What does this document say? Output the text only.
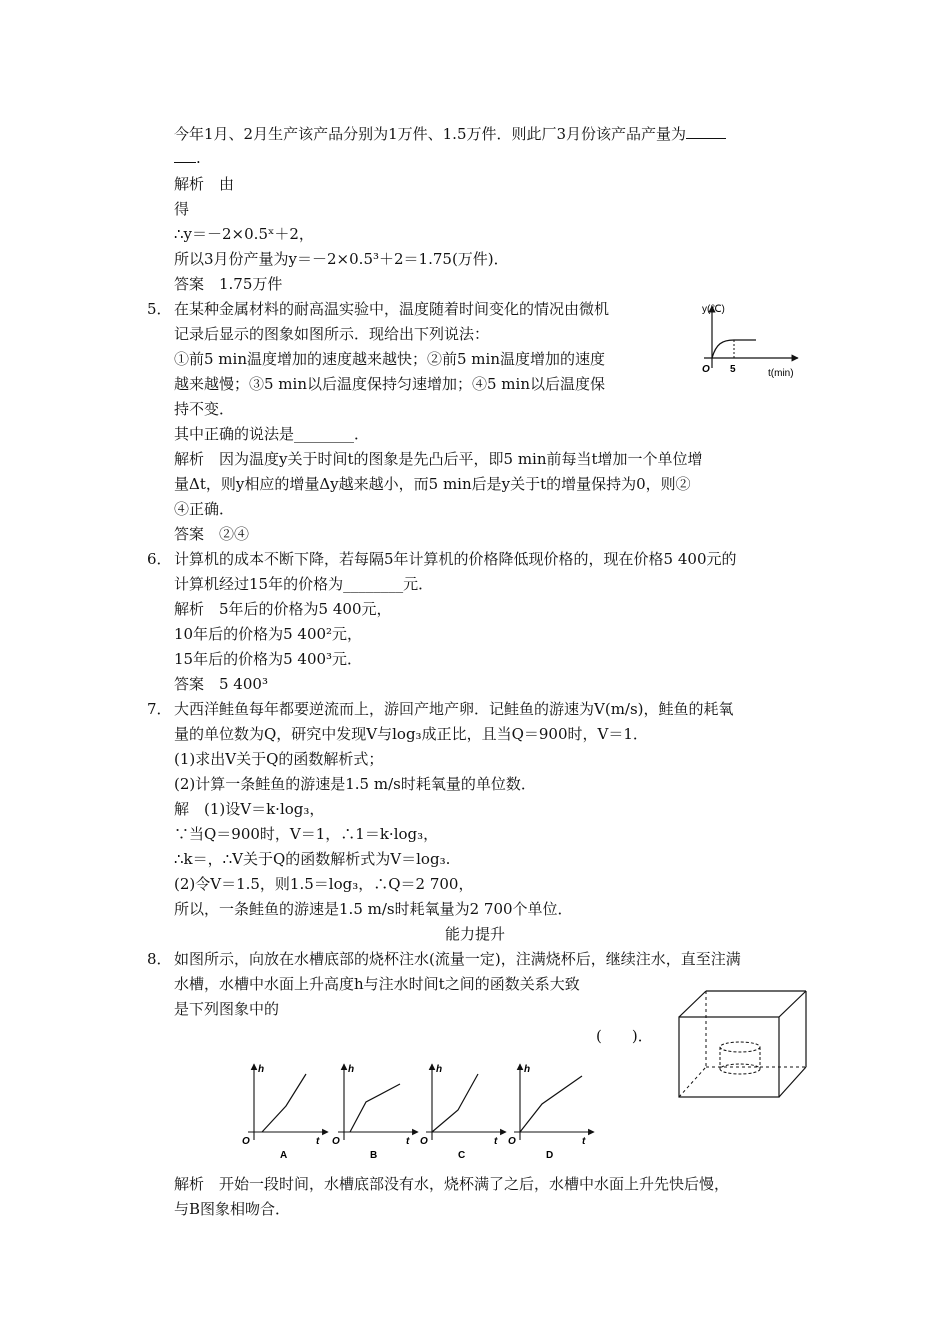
今年1月、2月生产该产品分别为1万件、1.5万件．则此厂3月份该产品产量为
.
解析　由
得
∴y＝－2×0.5ˣ＋2，
所以3月份产量为y＝－2×0.5³＋2＝1.75(万件)．
答案　1.75万件
5． 在某种金属材料的耐高温实验中，温度随着时间变化的情况由微机
记录后显示的图象如图所示．现给出下列说法：
①前5 min温度增加的速度越来越快；②前5 min温度增加的速度
越来越慢；③5 min以后温度保持匀速增加；④5 min以后温度保
持不变．
其中正确的说法是________．
解析　因为温度y关于时间t的图象是先凸后平，即5 min前每当t增加一个单位增
量Δt，则y相应的增量Δy越来越小，而5 min后是y关于t的增量保持为0，则②
④正确．
答案　②④
y(℃)
O 5	t(min)
6． 计算机的成本不断下降，若每隔5年计算机的价格降低现价格的，现在价格5 400元的
计算机经过15年的价格为________元．
解析　5年后的价格为5 400元，
10年后的价格为5 400²元，
15年后的价格为5 400³元．
答案　5 400³
7． 大西洋鲑鱼每年都要逆流而上，游回产地产卵．记鲑鱼的游速为V(m/s)，鲑鱼的耗氧
量的单位数为Q，研究中发现V与log₃成正比，且当Q＝900时，V＝1．
(1)求出V关于Q的函数解析式；
(2)计算一条鲑鱼的游速是1.5 m/s时耗氧量的单位数．
解　(1)设V＝k·log₃，
∵当Q＝900时，V＝1，∴1＝k·log₃，
∴k＝，∴V关于Q的函数解析式为V＝log₃.
(2)令V＝1.5，则1.5＝log₃，∴Q＝2 700，
所以，一条鲑鱼的游速是1.5 m/s时耗氧量为2 700个单位．
能力提升
8． 如图所示，向放在水槽底部的烧杯注水(流量一定)，注满烧杯后，继续注水，直至注满
水槽，水槽中水面上升高度h与注水时间t之间的函数关系大致
是下列图象中的
(　　)．
h
O	t
A
h
O	t
B
h
O	t
C
h
O	t
D
解析　开始一段时间，水槽底部没有水，烧杯满了之后，水槽中水面上升先快后慢，
与B图象相吻合．
